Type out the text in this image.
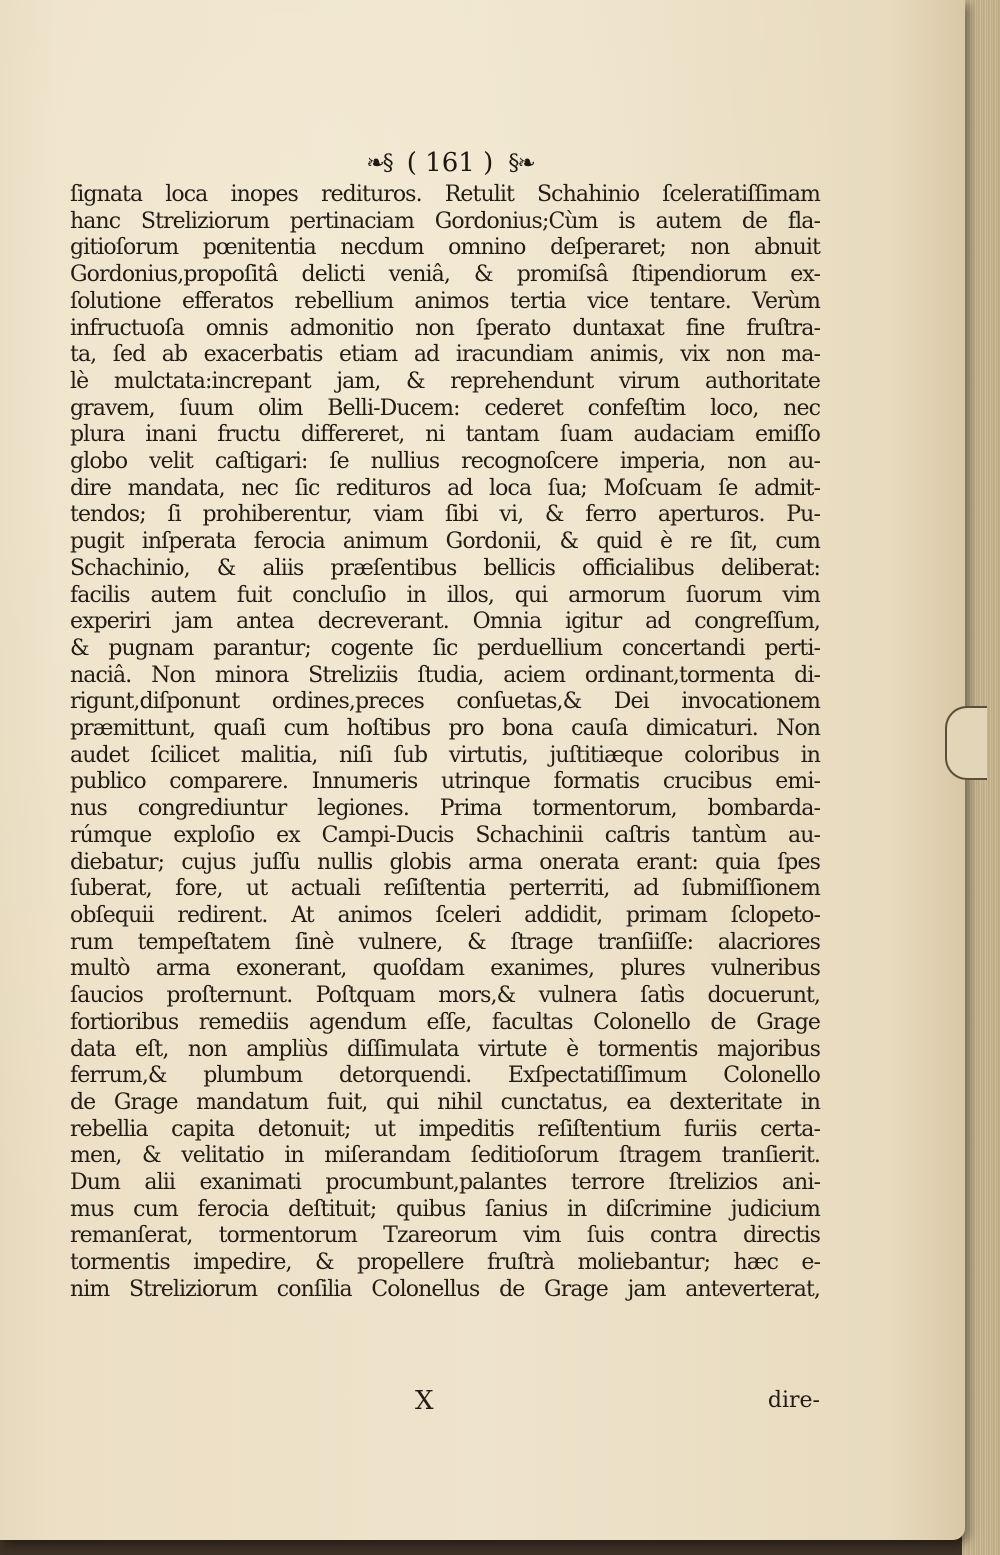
❧§ ( 161 ) §❧
ſignata loca inopes redituros. Retulit Schahinio ſceleratiſſimam
hanc Streliziorum pertinaciam Gordonius;Cùm is autem de fla-
gitioſorum pœnitentia necdum omnino deſperaret; non abnuit
Gordonius,propoſitâ delicti veniâ, & promiſsâ ſtipendiorum ex-
ſolutione efferatos rebellium animos tertia vice tentare. Verùm
infructuoſa omnis admonitio non ſperato duntaxat fine fruſtra-
ta, ſed ab exacerbatis etiam ad iracundiam animis, vix non ma-
lè mulctata:increpant jam, & reprehendunt virum authoritate
gravem, ſuum olim Belli-Ducem: cederet confeſtim loco, nec
plura inani fructu differeret, ni tantam ſuam audaciam emiſſo
globo velit caſtigari: ſe nullius recognoſcere imperia, non au-
dire mandata, nec ſic redituros ad loca ſua; Moſcuam ſe admit-
tendos; ſi prohiberentur, viam ſibi vi, & ferro aperturos. Pu-
pugit inſperata ferocia animum Gordonii, & quid è re ſit, cum
Schachinio, & aliis præſentibus bellicis officialibus deliberat:
facilis autem fuit concluſio in illos, qui armorum ſuorum vim
experiri jam antea decreverant. Omnia igitur ad congreſſum,
& pugnam parantur; cogente ſic perduellium concertandi perti-
naciâ. Non minora Streliziis ſtudia, aciem ordinant,tormenta di-
rigunt,diſponunt ordines,preces conſuetas,& Dei invocationem
præmittunt, quaſi cum hoſtibus pro bona cauſa dimicaturi. Non
audet ſcilicet malitia, niſi ſub virtutis, juſtitiæque coloribus in
publico comparere. Innumeris utrinque formatis crucibus emi-
nus congrediuntur legiones. Prima tormentorum, bombarda-
rúmque exploſio ex Campi-Ducis Schachinii caſtris tantùm au-
diebatur; cujus juſſu nullis globis arma onerata erant: quia ſpes
ſuberat, fore, ut actuali reſiſtentia perterriti, ad ſubmiſſionem
obſequii redirent. At animos ſceleri addidit, primam ſclopeto-
rum tempeſtatem ſinè vulnere, & ſtrage tranſiiſſe: alacriores
multò arma exonerant, quoſdam exanimes, plures vulneribus
ſaucios proſternunt. Poſtquam mors,& vulnera ſatìs docuerunt,
fortioribus remediis agendum eſſe, facultas Colonello de Grage
data eſt, non ampliùs diſſimulata virtute è tormentis majoribus
ferrum,& plumbum detorquendi. Exſpectatiſſimum Colonello
de Grage mandatum fuit, qui nihil cunctatus, ea dexteritate in
rebellia capita detonuit; ut impeditis reſiſtentium furiis certa-
men, & velitatio in miſerandam ſeditioſorum ſtragem tranſierit.
Dum alii exanimati procumbunt,palantes terrore ſtrelizios ani-
mus cum ferocia deſtituit; quibus ſanius in diſcrimine judicium
remanſerat, tormentorum Tzareorum vim ſuis contra directis
tormentis impedire, & propellere fruſtrà moliebantur; hæc e-
nim Streliziorum conſilia Colonellus de Grage jam anteverterat,
X	dire-
